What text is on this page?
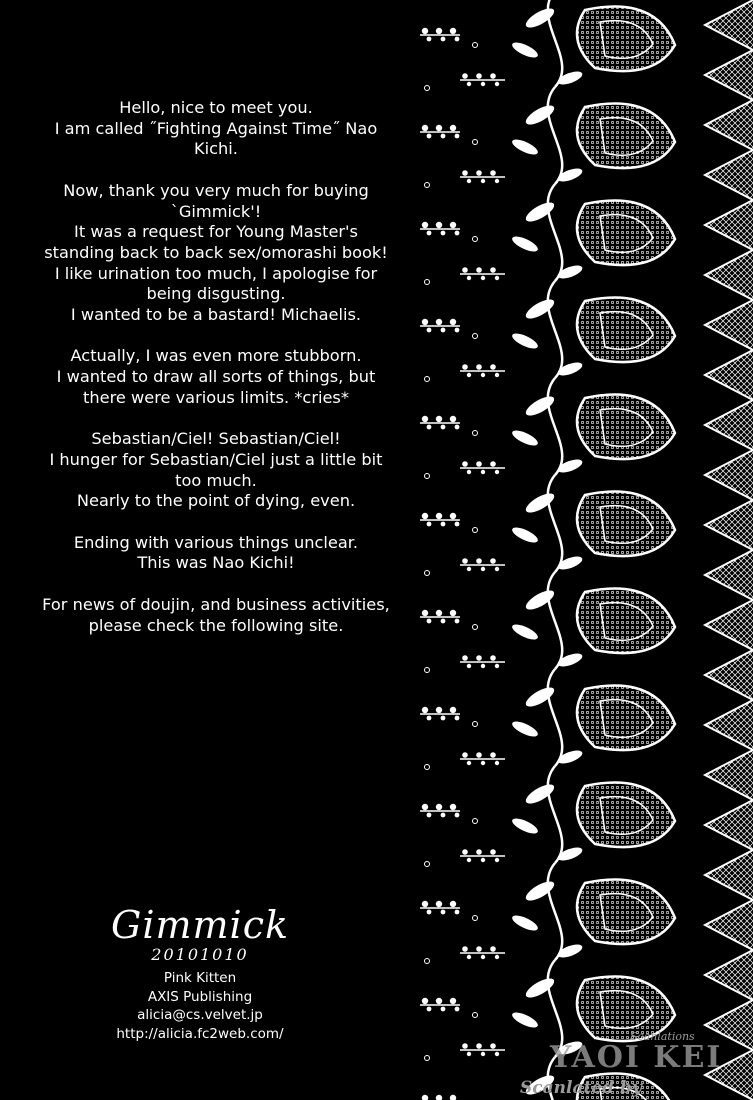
Hello, nice to meet you.
I am called ˝Fighting Against Time˝ Nao
Kichi.
Now, thank you very much for buying
`Gimmick'!
It was a request for Young Master's
standing back to back sex/omorashi book!
I like urination too much, I apologise for
being disgusting.
I wanted to be a bastard! Michaelis.
Actually, I was even more stubborn.
I wanted to draw all sorts of things, but
there were various limits. *cries*
Sebastian/Ciel! Sebastian/Ciel!
I hunger for Sebastian/Ciel just a little bit
too much.
Nearly to the point of dying, even.
Ending with various things unclear.
This was Nao Kichi!
For news of doujin, and business activities,
please check the following site.
Gimmick
20101010
Pink Kitten
AXIS Publishing
alicia@cs.velvet.jp
http://alicia.fc2web.com/	Scanlations
YAOI KEI
Scanlated by
